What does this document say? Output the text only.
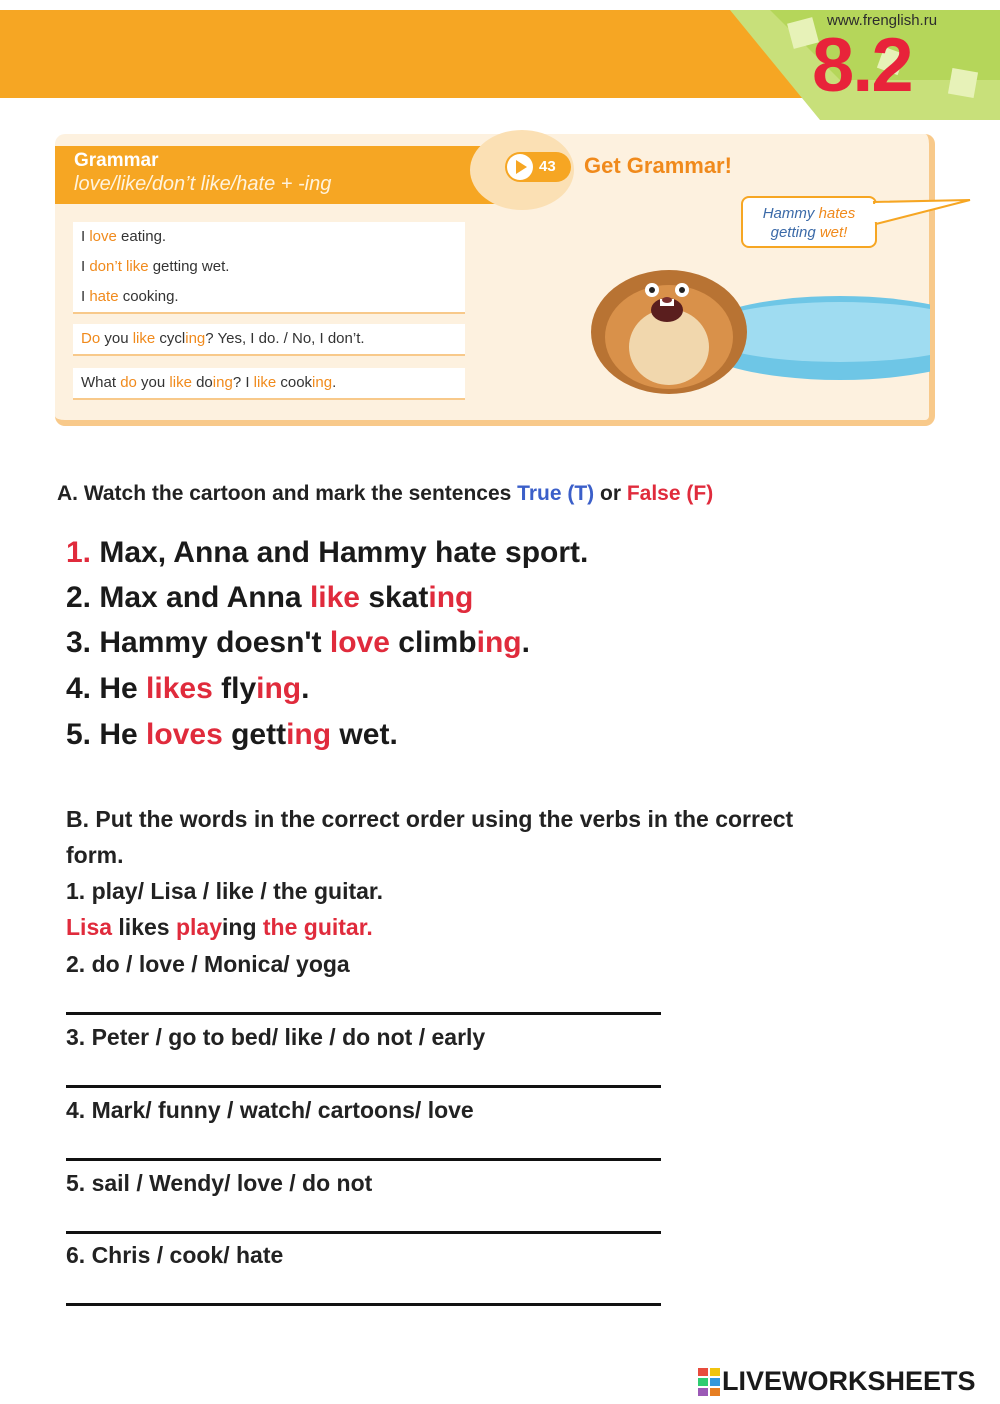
www.frenglish.ru
8.2
Grammar
love/like/don’t like/hate + -ing
43 Get Grammar!
I love eating.
I don’t like getting wet.
I hate cooking.
Do you like cycling? Yes, I do. / No, I don’t.
What do you like doing? I like cooking.
Hammy hates
getting wet!
A. Watch the cartoon and mark the sentences True (T) or False (F)
1. Max, Anna and Hammy hate sport.
2. Max and Anna like skating
3. Hammy doesn't love climbing.
4. He likes flying.
5. He loves getting wet.
B. Put the words in the correct order using the verbs in the correct
form.
1. play/ Lisa / like / the guitar.
Lisa likes playing the guitar.
2. do / love / Monica/ yoga
3. Peter / go to bed/ like / do not / early
4. Mark/ funny / watch/ cartoons/ love
5. sail / Wendy/ love / do not
6. Chris / cook/ hate
LIVEWORKSHEETS
